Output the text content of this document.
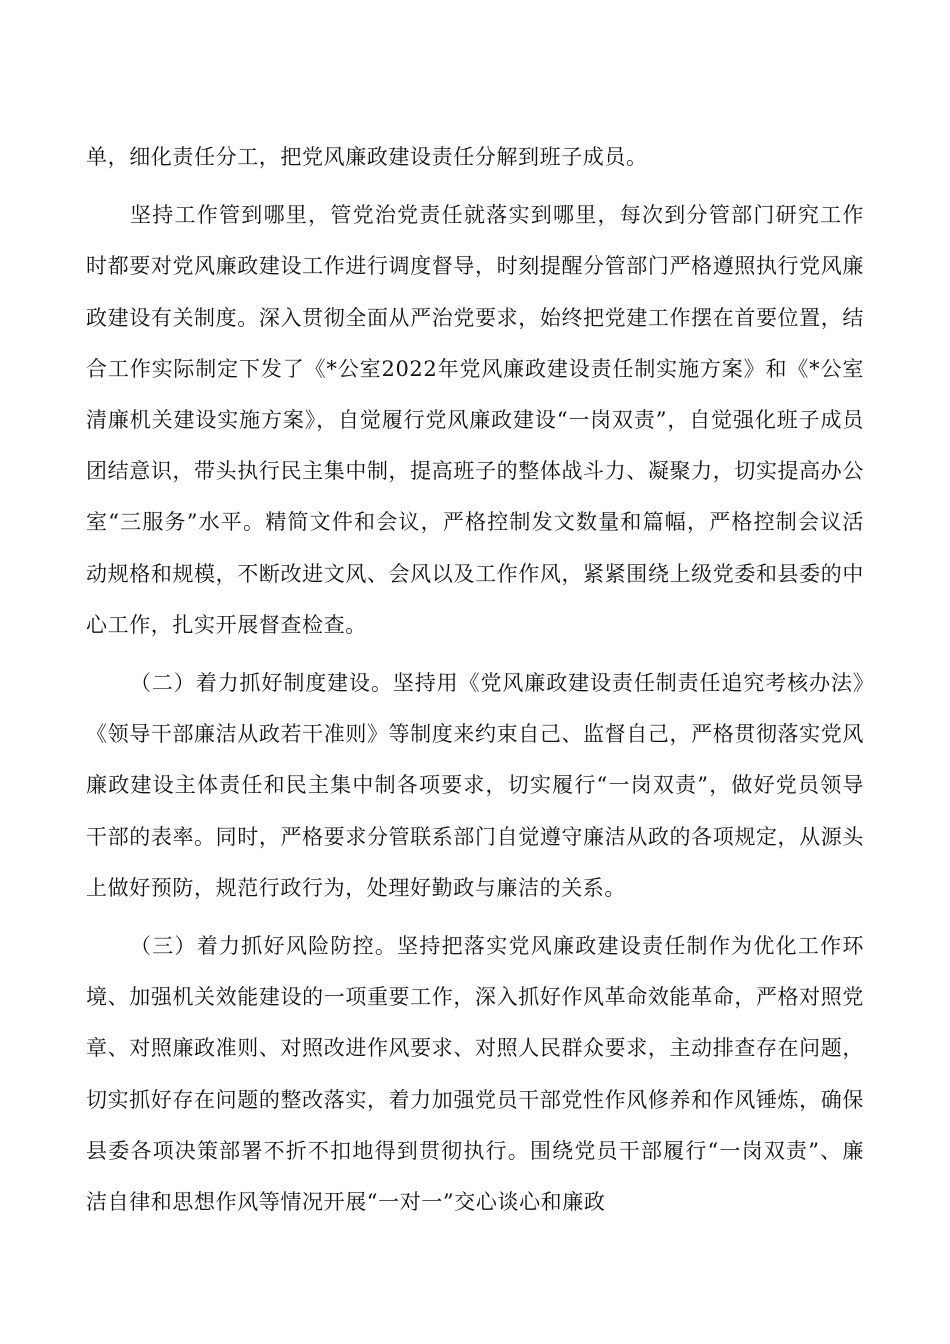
单，细化责任分工，把党风廉政建设责任分解到班子成员。

坚持工作管到哪里，管党治党责任就落实到哪里，每次到分管部门研究工作时都要对党风廉政建设工作进行调度督导，时刻提醒分管部门严格遵照执行党风廉政建设有关制度。深入贯彻全面从严治党要求，始终把党建工作摆在首要位置，结合工作实际制定下发了《*公室2022年党风廉政建设责任制实施方案》和《*公室清廉机关建设实施方案》，自觉履行党风廉政建设“一岗双责”，自觉强化班子成员团结意识，带头执行民主集中制，提高班子的整体战斗力、凝聚力，切实提高办公室“三服务”水平。精简文件和会议，严格控制发文数量和篇幅，严格控制会议活动规格和规模，不断改进文风、会风以及工作作风，紧紧围绕上级党委和县委的中心工作，扎实开展督查检查。

（二）着力抓好制度建设。坚持用《党风廉政建设责任制责任追究考核办法》《领导干部廉洁从政若干准则》等制度来约束自己、监督自己，严格贯彻落实党风廉政建设主体责任和民主集中制各项要求，切实履行“一岗双责”，做好党员领导干部的表率。同时，严格要求分管联系部门自觉遵守廉洁从政的各项规定，从源头上做好预防，规范行政行为，处理好勤政与廉洁的关系。

（三）着力抓好风险防控。坚持把落实党风廉政建设责任制作为优化工作环境、加强机关效能建设的一项重要工作，深入抓好作风革命效能革命，严格对照党章、对照廉政准则、对照改进作风要求、对照人民群众要求，主动排查存在问题，切实抓好存在问题的整改落实，着力加强党员干部党性作风修养和作风锤炼，确保县委各项决策部署不折不扣地得到贯彻执行。围绕党员干部履行“一岗双责”、廉洁自律和思想作风等情况开展“一对一”交心谈心和廉政
